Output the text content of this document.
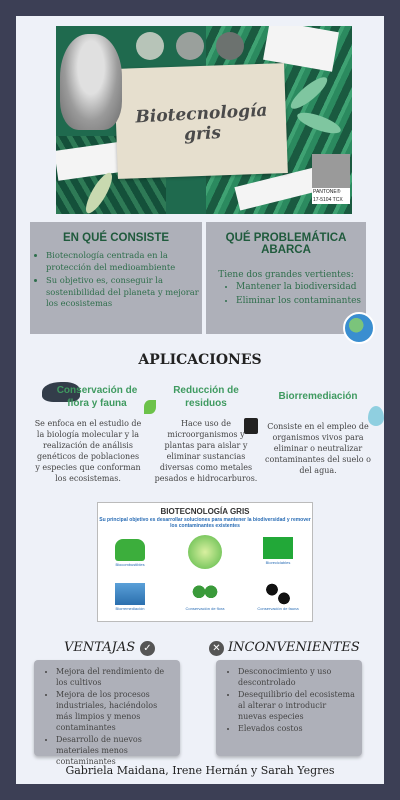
Biotecnología gris
PANTONE®
17-5104 TCX
EN QUÉ CONSISTE
• Biotecnología centrada en la protección del medioambiente
• Su objetivo es, conseguir la sostenibilidad del planeta y mejorar los ecosistemas
QUÉ PROBLEMÁTICA ABARCA
Tiene dos grandes vertientes:
• Mantener la biodiversidad
• Eliminar los contaminantes
APLICACIONES
Conservación de flora y fauna
Se enfoca en el estudio de la biología molecular y la realización de análisis genéticos de poblaciones y especies que conforman los ecosistemas.
Reducción de residuos
Hace uso de microorganismos y plantas para aislar y eliminar sustancias diversas como metales pesados e hidrocarburos.
Biorremediación
Consiste en el empleo de organismos vivos para eliminar o neutralizar contaminantes del suelo o del agua.
BIOTECNOLOGÍA GRIS
Su principal objetivo es desarrollar soluciones para mantener la biodiversidad y remover los contaminantes existentes
Biocombustibles	Bioreciclables
Biorremediación	Conservación de flora	Conservación de fauna
VENTAJAS ✓
• Mejora del rendimiento de los cultivos
• Mejora de los procesos industriales, haciéndolos más limpios y menos contaminantes
• Desarrollo de nuevos materiales menos contaminantes
✕ INCONVENIENTES
• Desconocimiento y uso descontrolado
• Desequilibrio del ecosistema al alterar o introducir nuevas especies
• Elevados costos
Gabriela Maidana, Irene Hernán y Sarah Yegres
